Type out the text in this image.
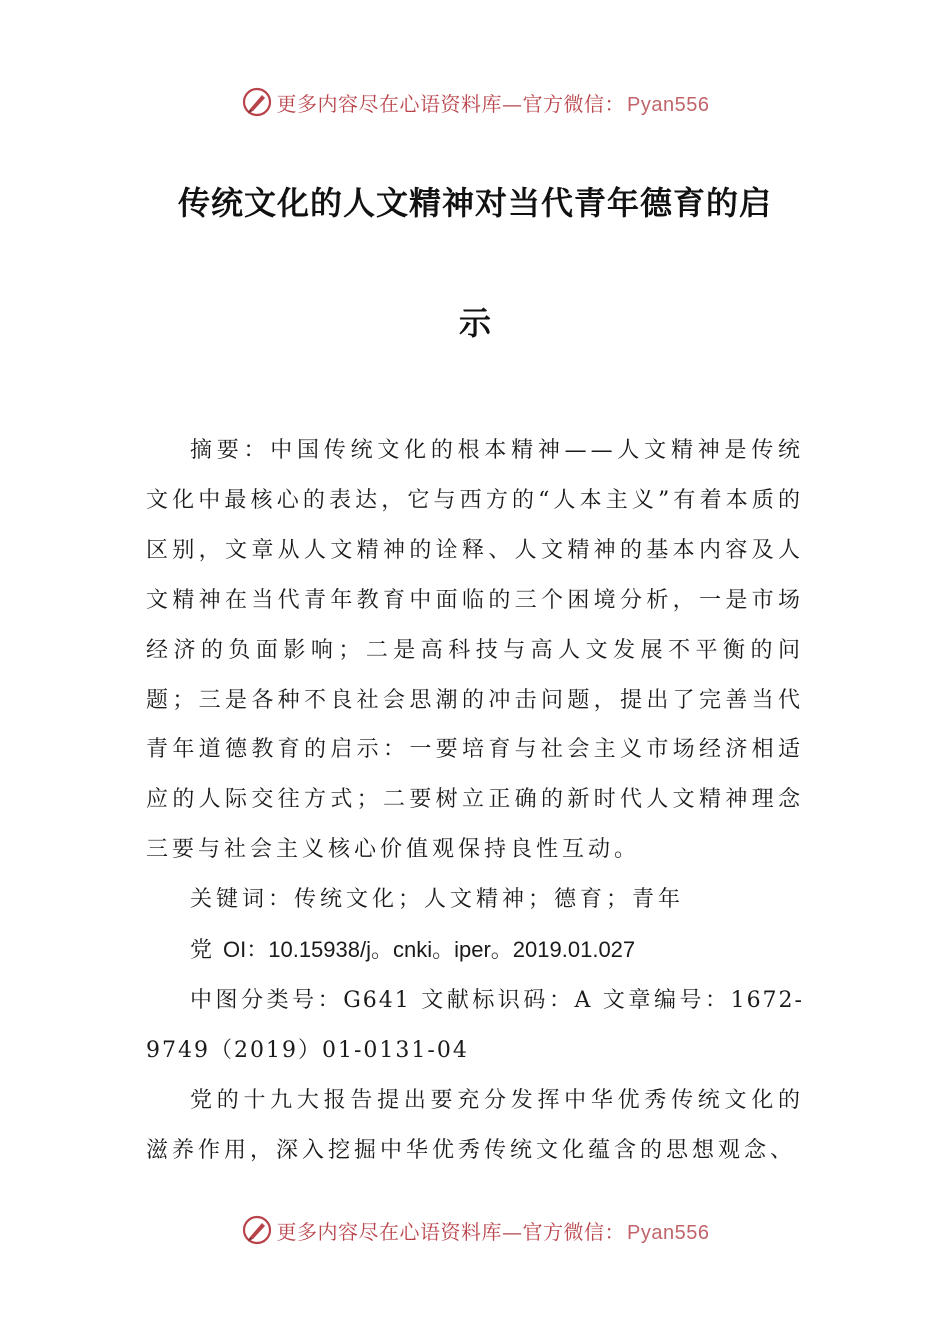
更多内容尽在心语资料库—官方微信： Pyan556
传统文化的人文精神对当代青年德育的启
示

摘要：中国传统文化的根本精神——人文精神是传统文化中最核心的表达，它与西方的“人本主义”有着本质的区别，文章从人文精神的诠释、人文精神的基本内容及人文精神在当代青年教育中面临的三个困境分析，一是市场经济的负面影响；二是高科技与高人文发展不平衡的问题；三是各种不良社会思潮的冲击问题，提出了完善当代青年道德教育的启示：一要培育与社会主义市场经济相适应的人际交往方式；二要树立正确的新时代人文精神理念三要与社会主义核心价值观保持良性互动。

关键词：传统文化；人文精神；德育；青年

党 OI：10.15938/j。cnki。iper。2019.01.027

中图分类号：G641 文献标识码：A 文章编号：1672-9749（2019）01-0131-04

党的十九大报告提出要充分发挥中华优秀传统文化的滋养作用，深入挖掘中华优秀传统文化蕴含的思想观念、

更多内容尽在心语资料库—官方微信： Pyan556
